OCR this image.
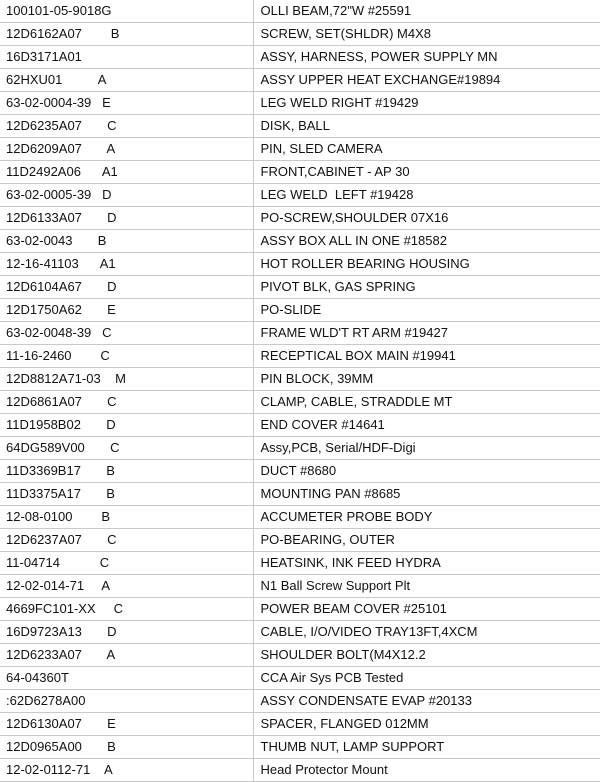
100101-05-9018G	OLLI BEAM,72"W #25591
12D6162A07        B	SCREW, SET(SHLDR) M4X8
16D3171A01	ASSY, HARNESS, POWER SUPPLY MN
62HXU01          A	ASSY UPPER HEAT EXCHANGE#19894
63-02-0004-39   E	LEG WELD RIGHT #19429
12D6235A07       C	DISK, BALL
12D6209A07       A	PIN, SLED CAMERA
11D2492A06      A1	FRONT,CABINET - AP 30
63-02-0005-39   D	LEG WELD  LEFT #19428
12D6133A07       D	PO-SCREW,SHOULDER 07X16
63-02-0043       B	ASSY BOX ALL IN ONE #18582
12-16-41103      A1	HOT ROLLER BEARING HOUSING
12D6104A67       D	PIVOT BLK, GAS SPRING
12D1750A62       E	PO-SLIDE
63-02-0048-39   C	FRAME WLD'T RT ARM #19427
11-16-2460        C	RECEPTICAL BOX MAIN #19941
12D8812A71-03    M	PIN BLOCK, 39MM
12D6861A07       C	CLAMP, CABLE, STRADDLE MT
11D1958B02       D	END COVER #14641
64DG589V00       C	Assy,PCB, Serial/HDF-Digi
11D3369B17       B	DUCT #8680
11D3375A17       B	MOUNTING PAN #8685
12-08-0100        B	ACCUMETER PROBE BODY
12D6237A07       C	PO-BEARING, OUTER
11-04714           C	HEATSINK, INK FEED HYDRA
12-02-014-71     A	N1 Ball Screw Support Plt
4669FC101-XX     C	POWER BEAM COVER #25101
16D9723A13       D	CABLE, I/O/VIDEO TRAY13FT,4XCM
12D6233A07       A	SHOULDER BOLT(M4X12.2
64-04360T	CCA Air Sys PCB Tested
:62D6278A00	ASSY CONDENSATE EVAP #20133
12D6130A07       E	SPACER, FLANGED 012MM
12D0965A00       B	THUMB NUT, LAMP SUPPORT
12-02-0112-71    A	Head Protector Mount
